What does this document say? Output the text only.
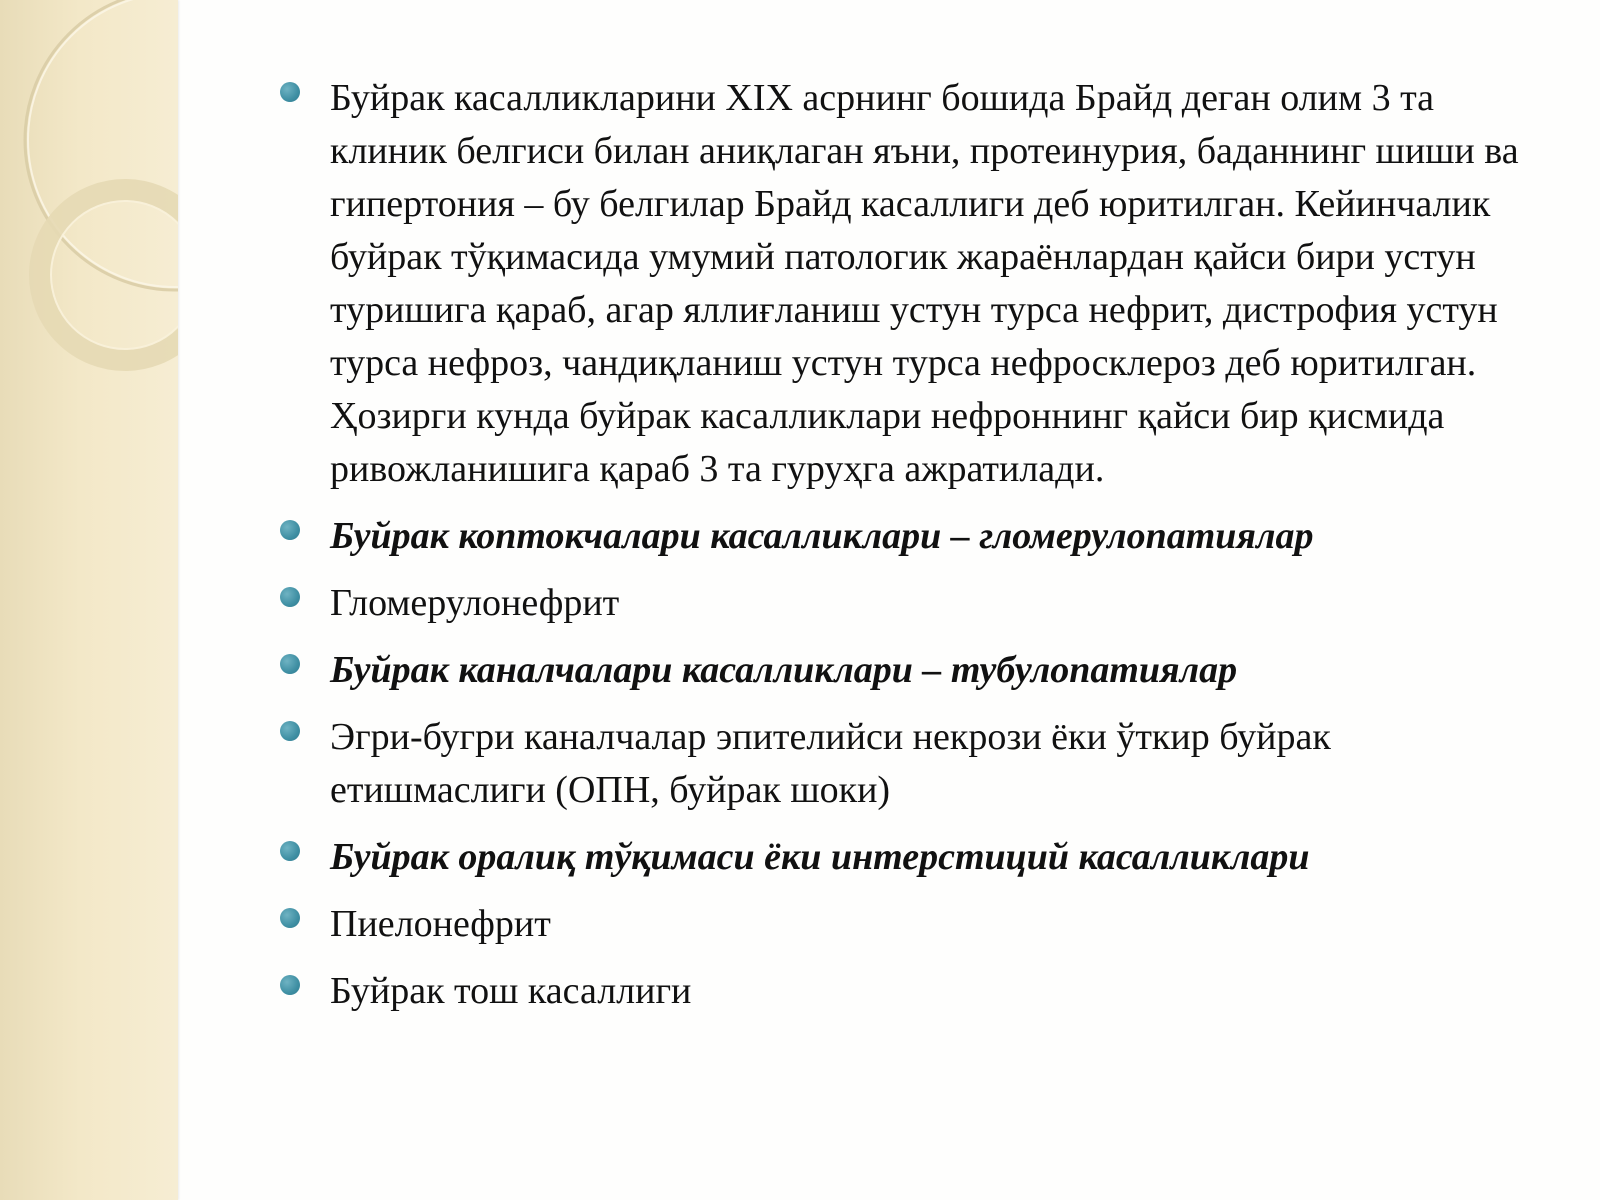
Буйрак касалликларини XIX асрнинг бошида Брайд деган олим 3 та клиник белгиси билан аниқлаган яъни, протеинурия, баданнинг шиши ва гипертония – бу белгилар Брайд касаллиги деб юритилган. Кейинчалик буйрак тўқимасида умумий патологик жараёнлардан қайси бири устун туришига қараб, агар яллиғланиш устун турса нефрит, дистрофия устун турса нефроз, чандиқланиш устун турса нефросклероз деб юритилган. Ҳозирги кунда буйрак касалликлари нефроннинг қайси бир қисмида ривожланишига қараб 3 та гуруҳга ажратилади.
Буйрак коптокчалари касалликлари – гломерулопатиялар
Гломерулонефрит
Буйрак каналчалари касалликлари – тубулопатиялар
Эгри-бугри каналчалар эпителийси некрози ёки ўткир буйрак етишмаслиги (ОПН, буйрак шоки)
Буйрак оралиқ тўқимаси ёки интерстиций касалликлари
Пиелонефрит
Буйрак тош касаллиги
